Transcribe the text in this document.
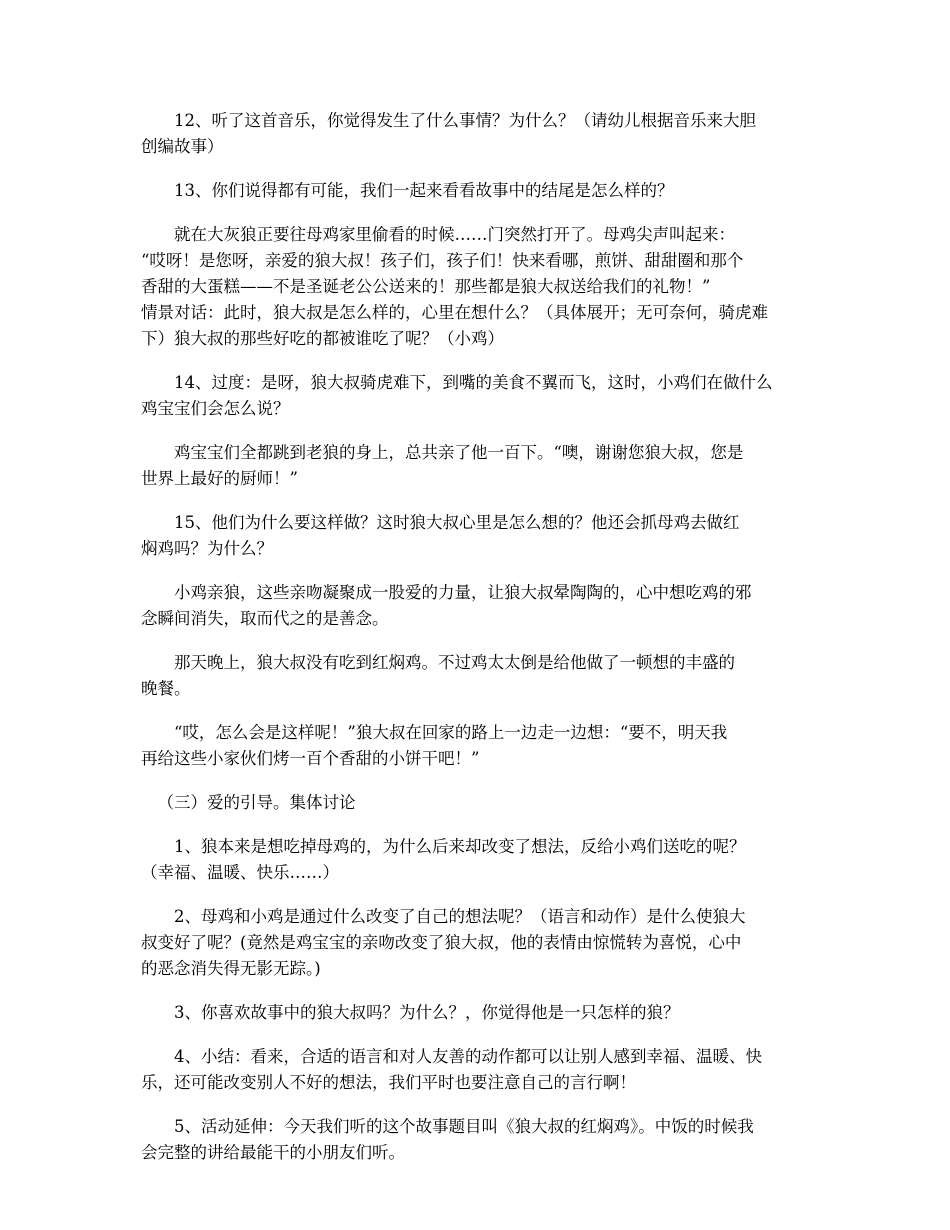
12、听了这首音乐，你觉得发生了什么事情？为什么？（请幼儿根据音乐来大胆
创编故事）

13、你们说得都有可能，我们一起来看看故事中的结尾是怎么样的？

就在大灰狼正要往母鸡家里偷看的时候……门突然打开了。母鸡尖声叫起来：
“哎呀！是您呀，亲爱的狼大叔！孩子们，孩子们！快来看哪，煎饼、甜甜圈和那个
香甜的大蛋糕——不是圣诞老公公送来的！那些都是狼大叔送给我们的礼物！”
情景对话：此时，狼大叔是怎么样的，心里在想什么？（具体展开；无可奈何，骑虎难
下）狼大叔的那些好吃的都被谁吃了呢？（小鸡）

14、过度：是呀，狼大叔骑虎难下，到嘴的美食不翼而飞，这时，小鸡们在做什么
鸡宝宝们会怎么说？

鸡宝宝们全都跳到老狼的身上，总共亲了他一百下。“噢，谢谢您狼大叔，您是
世界上最好的厨师！”

15、他们为什么要这样做？这时狼大叔心里是怎么想的？他还会抓母鸡去做红
焖鸡吗？为什么？

小鸡亲狼，这些亲吻凝聚成一股爱的力量，让狼大叔晕陶陶的，心中想吃鸡的邪
念瞬间消失，取而代之的是善念。

那天晚上，狼大叔没有吃到红焖鸡。不过鸡太太倒是给他做了一顿想的丰盛的
晚餐。

“哎，怎么会是这样呢！”狼大叔在回家的路上一边走一边想：“要不，明天我
再给这些小家伙们烤一百个香甜的小饼干吧！”

（三）爱的引导。集体讨论

1、狼本来是想吃掉母鸡的，为什么后来却改变了想法，反给小鸡们送吃的呢？
（幸福、温暖、快乐……）

2、母鸡和小鸡是通过什么改变了自己的想法呢？（语言和动作）是什么使狼大
叔变好了呢？(竟然是鸡宝宝的亲吻改变了狼大叔，他的表情由惊慌转为喜悦，心中
的恶念消失得无影无踪。)

3、你喜欢故事中的狼大叔吗？为什么？，你觉得他是一只怎样的狼？

4、小结：看来，合适的语言和对人友善的动作都可以让别人感到幸福、温暖、快
乐，还可能改变别人不好的想法，我们平时也要注意自己的言行啊！

5、活动延伸：今天我们听的这个故事题目叫《狼大叔的红焖鸡》。中饭的时候我
会完整的讲给最能干的小朋友们听。
